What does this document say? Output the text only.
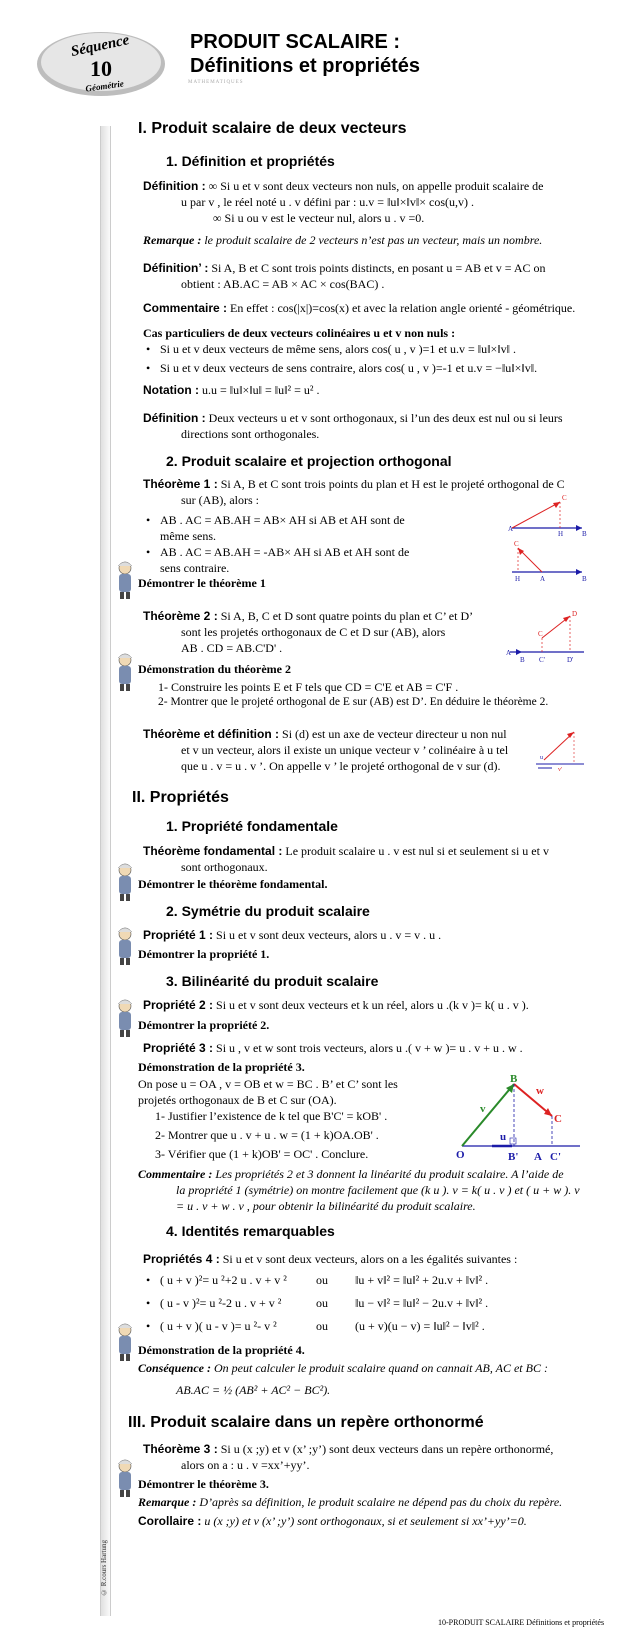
Séquence
10
Géométrie
PRODUIT SCALAIRE :
Définitions et propriétés
MATHEMATIQUES
© R.cours Hartung
I. Produit scalaire de deux vecteurs
1. Définition et propriétés
Définition : ∞ Si u et v sont deux vecteurs non nuls, on appelle produit scalaire de
u par v , le réel noté u . v défini par : u.v = ‖u‖×‖v‖× cos(u,v) .
∞ Si u ou v est le vecteur nul, alors u . v =0.
Remarque : le produit scalaire de 2 vecteurs n’est pas un vecteur, mais un nombre.
Définition’ : Si A, B et C sont trois points distincts, en posant u = AB et v = AC on
obtient : AB.AC = AB × AC × cos(BAC) .
Commentaire : En effet : cos(|x|)=cos(x) et avec la relation angle orienté - géométrique.
Cas particuliers de deux vecteurs colinéaires u et v non nuls :
• Si u et v deux vecteurs de même sens, alors cos( u , v )=1 et u.v = ‖u‖×‖v‖ .
• Si u et v deux vecteurs de sens contraire, alors cos( u , v )=-1 et u.v = −‖u‖×‖v‖.
Notation : u.u = ‖u‖×‖u‖ = ‖u‖² = u² .
Définition : Deux vecteurs u et v sont orthogonaux, si l’un des deux est nul ou si leurs
directions sont orthogonales.
2. Produit scalaire et projection orthogonal
Théorème 1 : Si A, B et C sont trois points du plan et H est le projeté orthogonal de C
sur (AB), alors :
• AB . AC = AB.AH = AB× AH si AB et AH sont de
même sens.
• AB . AC = AB.AH = -AB× AH si AB et AH sont de
sens contraire.
A
C
H	B
C
H	A	B
Démontrer le théorème 1
Théorème 2 : Si A, B, C et D sont quatre points du plan et C’ et D’
sont les projetés orthogonaux de C et D sur (AB), alors
AB . CD = AB.C'D' .	A
B
C
D
C'	D'
Démonstration du théorème 2
1- Construire les points E et F tels que CD = C'E et AB = C'F .
2- Montrer que le projeté orthogonal de E sur (AB) est D’. En déduire le théorème 2.
Théorème et définition : Si (d) est un axe de vecteur directeur u non nul
et v un vecteur, alors il existe un unique vecteur v ’ colinéaire à u tel
que u . v = u . v ’. On appelle v ’ le projeté orthogonal de v sur (d).
u
v'
II. Propriétés
1. Propriété fondamentale
Théorème fondamental : Le produit scalaire u . v est nul si et seulement si u et v
sont orthogonaux.
Démontrer le théorème fondamental.
2. Symétrie du produit scalaire
Propriété 1 : Si u et v sont deux vecteurs, alors u . v = v . u .
Démontrer la propriété 1.
3. Bilinéarité du produit scalaire
Propriété 2 : Si u et v sont deux vecteurs et k un réel, alors u .(k v )= k( u . v ).
Démontrer la propriété 2.
Propriété 3 : Si u , v et w sont trois vecteurs, alors u .( v + w )= u . v + u . w .
Démonstration de la propriété 3.
On pose u = OA , v = OB et w = BC . B’ et C’ sont les
projetés orthogonaux de B et C sur (OA).
1- Justifier l’existence de k tel que B'C' = kOB' .
2- Montrer que u . v + u . w = (1 + k)OA.OB' .
3- Vérifier que (1 + k)OB' = OC' . Conclure.	O
B
C
B' A C'
v
w
u
Commentaire : Les propriétés 2 et 3 donnent la linéarité du produit scalaire. A l’aide de
la propriété 1 (symétrie) on montre facilement que (k u ). v = k( u . v ) et ( u + w ). v
= u . v + w . v , pour obtenir la bilinéarité du produit scalaire.
4. Identités remarquables
Propriétés 4 : Si u et v sont deux vecteurs, alors on a les égalités suivantes :
• ( u + v )²= u ²+2 u . v + v ²	ou ‖u + v‖² = ‖u‖² + 2u.v + ‖v‖² .
• ( u - v )²= u ²-2 u . v + v ²	ou ‖u − v‖² = ‖u‖² − 2u.v + ‖v‖² .
• ( u + v )( u - v )= u ²- v ²	ou (u + v)(u − v) = ‖u‖² − ‖v‖² .
Démonstration de la propriété 4.
Conséquence : On peut calculer le produit scalaire quand on cannait AB, AC et BC :
AB.AC = ½ (AB² + AC² − BC²).
III. Produit scalaire dans un repère orthonormé
Théorème 3 : Si u (x ;y) et v (x’ ;y’) sont deux vecteurs dans un repère orthonormé,
alors on a : u . v =xx’+yy’.
Démontrer le théorème 3.
Remarque : D’après sa définition, le produit scalaire ne dépend pas du choix du repère.
Corollaire : u (x ;y) et v (x’ ;y’) sont orthogonaux, si et seulement si xx’+yy’=0.
10-PRODUIT SCALAIRE Définitions et propriétés
